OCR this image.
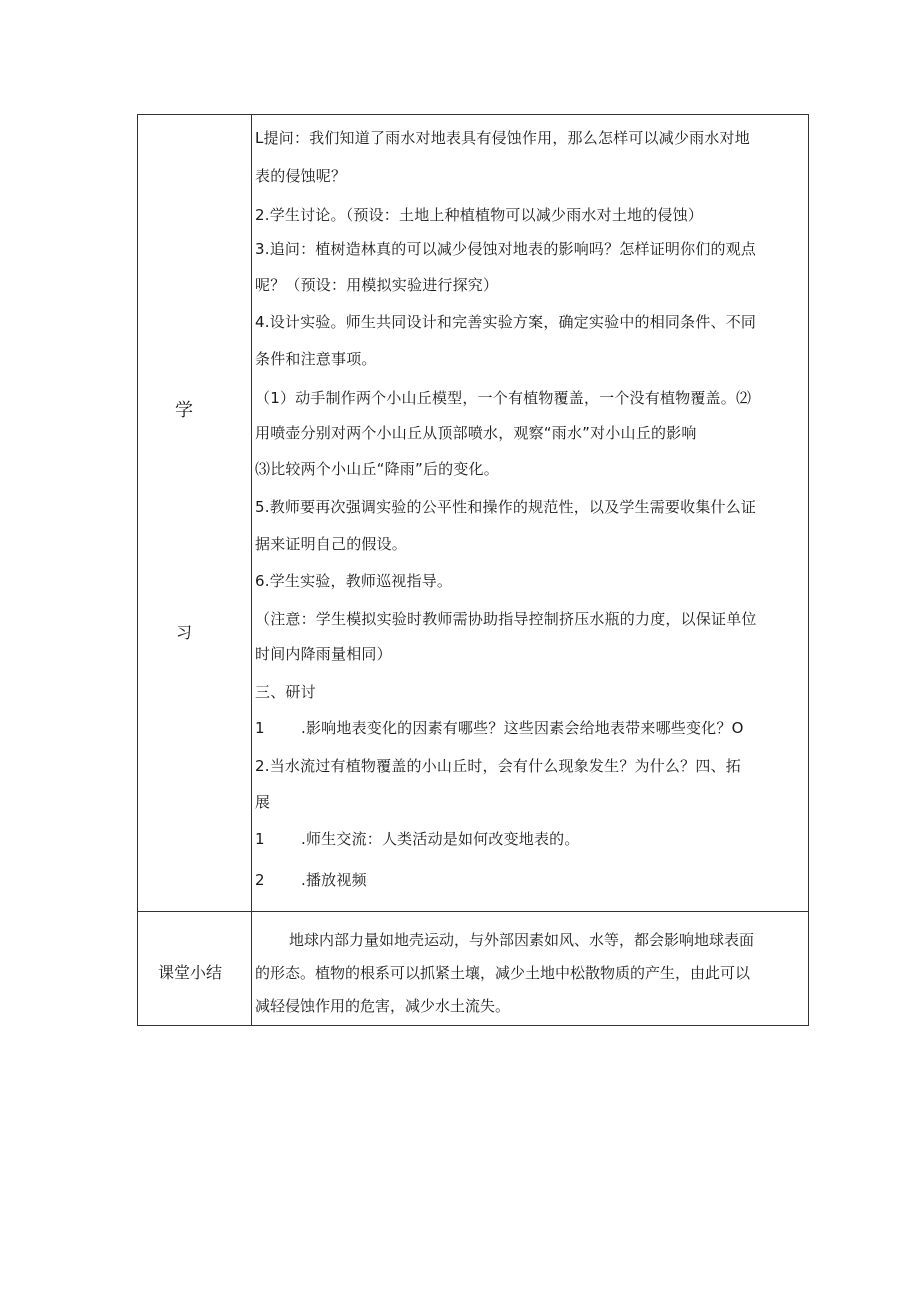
学
习
L提问：我们知道了雨水对地表具有侵蚀作用，那么怎样可以减少雨水对地
表的侵蚀呢？
2.学生讨论。（预设：土地上种植植物可以减少雨水对土地的侵蚀）
3.追问：植树造林真的可以减少侵蚀对地表的影响吗？怎样证明你们的观点
呢？（预设：用模拟实验进行探究）
4.设计实验。师生共同设计和完善实验方案，确定实验中的相同条件、不同
条件和注意事项。
（1）动手制作两个小山丘模型，一个有植物覆盖，一个没有植物覆盖。⑵
用喷壶分别对两个小山丘从顶部喷水，观察“雨水”对小山丘的影响
⑶比较两个小山丘“降雨”后的变化。
5.教师要再次强调实验的公平性和操作的规范性，以及学生需要收集什么证
据来证明自己的假设。
6.学生实验，教师巡视指导。
（注意：学生模拟实验时教师需协助指导控制挤压水瓶的力度，以保证单位
时间内降雨量相同）
三、研讨
1 .影响地表变化的因素有哪些？这些因素会给地表带来哪些变化？O
2.当水流过有植物覆盖的小山丘时，会有什么现象发生？为什么？四、拓
展
1 .师生交流：人类活动是如何改变地表的。
2 .播放视频
课堂小结
地球内部力量如地壳运动，与外部因素如风、水等，都会影响地球表面
的形态。植物的根系可以抓紧土壤，减少土地中松散物质的产生，由此可以
减轻侵蚀作用的危害，减少水土流失。
